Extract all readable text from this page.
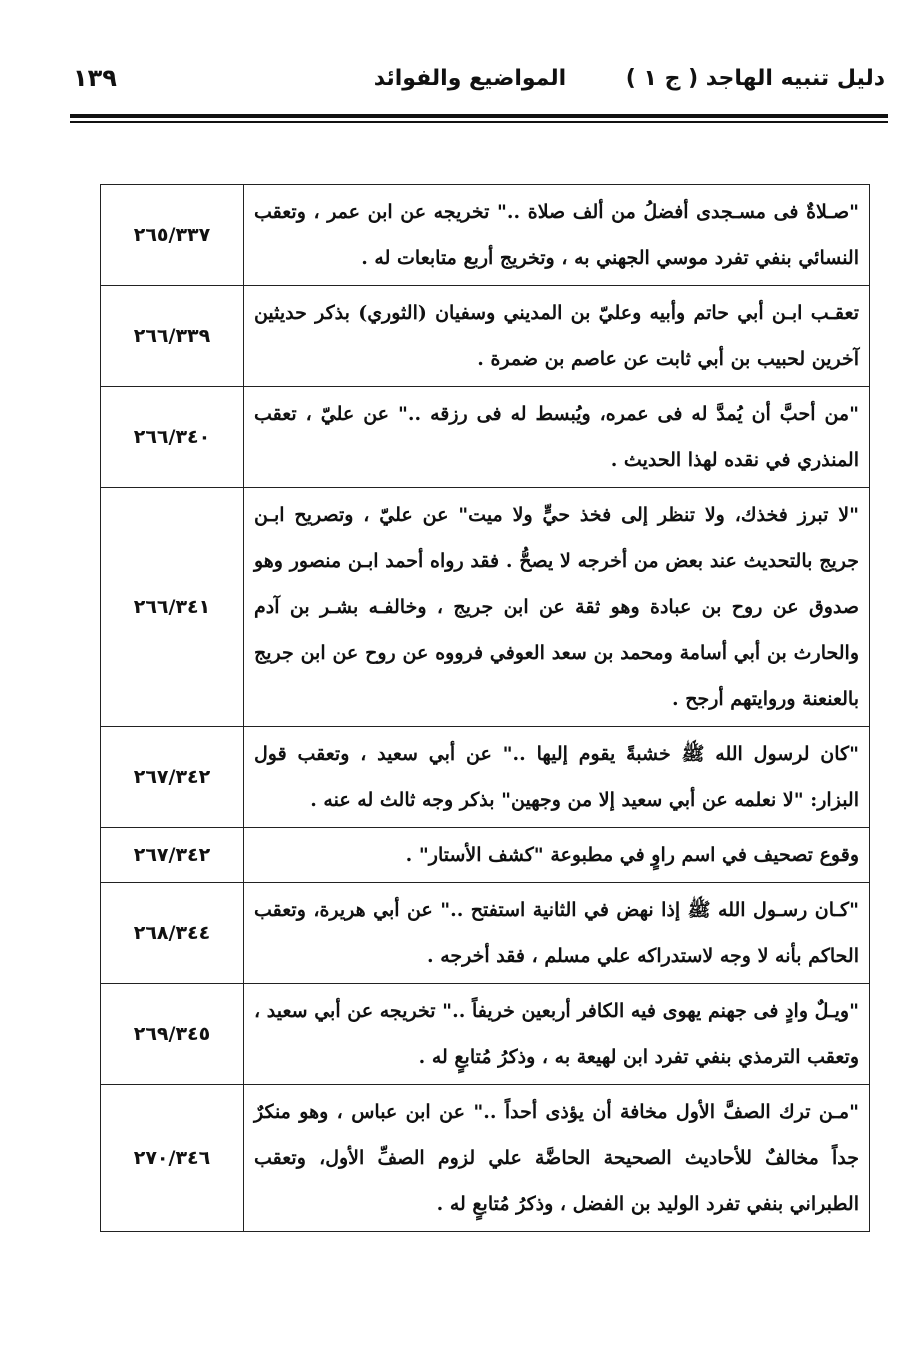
دليل تنبيه الهاجد ( ج ١ )
المواضيع والفوائد
١٣٩
"صـلاةٌ فى مسـجدى أفضلُ من ألف صلاة .." تخريجه عن ابن عمر ، وتعقب النسائي بنفي تفرد موسي الجهني به ، وتخريج أربع متابعات له .	٢٦٥/٣٣٧
تعقـب ابـن أبي حاتم وأبيه وعليّ بن المديني وسفيان (الثوري) بذكر حديثين آخرين لحبيب بن أبي ثابت عن عاصم بن ضمرة .	٢٦٦/٣٣٩
"من أحبَّ أن يُمدَّ له فى عمره، ويُبسط له فى رزقه .." عن عليّ ، تعقب المنذري في نقده لهذا الحديث .	٢٦٦/٣٤٠
"لا تبرز فخذك، ولا تنظر إلى فخذ حيٍّ ولا ميت" عن عليّ ، وتصريح ابـن جريج بالتحديث عند بعض من أخرجه لا يصحُّ . فقد رواه أحمد ابـن منصور وهو صدوق عن روح بن عبادة وهو ثقة عن ابن جريج ، وخالفـه بشـر بن آدم والحارث بن أبي أسامة ومحمد بن سعد العوفي فرووه عن روح عن ابن جريج بالعنعنة وروايتهم أرجح .	٢٦٦/٣٤١
"كان لرسول الله ﷺ خشبةً يقوم إليها .." عن أبي سعيد ، وتعقب قول البزار: "لا نعلمه عن أبي سعيد إلا من وجهين" بذكر وجه ثالث له عنه .	٢٦٧/٣٤٢
وقوع تصحيف في اسم راوٍ في مطبوعة "كشف الأستار" .	٢٦٧/٣٤٢
"كـان رسـول الله ﷺ إذا نهض في الثانية استفتح .." عن أبي هريرة، وتعقب الحاكم بأنه لا وجه لاستدراكه علي مسلم ، فقد أخرجه .	٢٦٨/٣٤٤
"ويـلٌ وادٍ فى جهنم يهوى فيه الكافر أربعين خريفاً .." تخريجه عن أبي سعيد ، وتعقب الترمذي بنفي تفرد ابن لهيعة به ، وذكرُ مُتابعٍ له .	٢٦٩/٣٤٥
"مـن ترك الصفَّ الأول مخافة أن يؤذى أحداً .." عن ابن عباس ، وهو منكرٌ جداً مخالفٌ للأحاديث الصحيحة الحاضَّة علي لزوم الصفِّ الأول، وتعقب الطبراني بنفي تفرد الوليد بن الفضل ، وذكرُ مُتابعٍ له .	٢٧٠/٣٤٦
